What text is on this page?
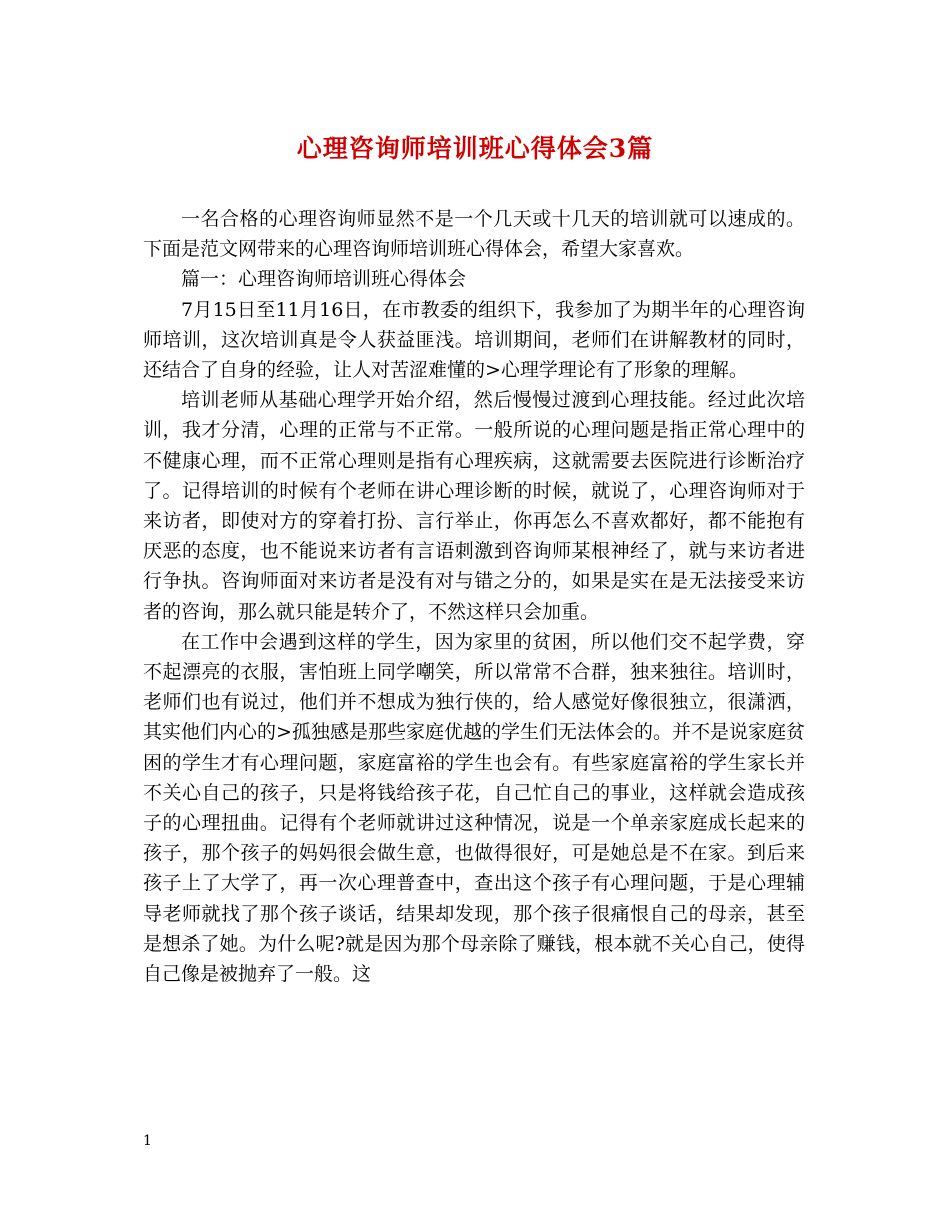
心理咨询师培训班心得体会3篇

一名合格的心理咨询师显然不是一个几天或十几天的培训就可以速成的。下面是范文网带来的心理咨询师培训班心得体会，希望大家喜欢。

篇一：心理咨询师培训班心得体会

7月15日至11月16日，在市教委的组织下，我参加了为期半年的心理咨询师培训，这次培训真是令人获益匪浅。培训期间，老师们在讲解教材的同时，还结合了自身的经验，让人对苦涩难懂的>心理学理论有了形象的理解。

培训老师从基础心理学开始介绍，然后慢慢过渡到心理技能。经过此次培训，我才分清，心理的正常与不正常。一般所说的心理问题是指正常心理中的不健康心理，而不正常心理则是指有心理疾病，这就需要去医院进行诊断治疗了。记得培训的时候有个老师在讲心理诊断的时候，就说了，心理咨询师对于来访者，即使对方的穿着打扮、言行举止，你再怎么不喜欢都好，都不能抱有厌恶的态度，也不能说来访者有言语刺激到咨询师某根神经了，就与来访者进行争执。咨询师面对来访者是没有对与错之分的，如果是实在是无法接受来访者的咨询，那么就只能是转介了，不然这样只会加重。

在工作中会遇到这样的学生，因为家里的贫困，所以他们交不起学费，穿不起漂亮的衣服，害怕班上同学嘲笑，所以常常不合群，独来独往。培训时，老师们也有说过，他们并不想成为独行侠的，给人感觉好像很独立，很潇洒，其实他们内心的>孤独感是那些家庭优越的学生们无法体会的。并不是说家庭贫困的学生才有心理问题，家庭富裕的学生也会有。有些家庭富裕的学生家长并不关心自己的孩子，只是将钱给孩子花，自己忙自己的事业，这样就会造成孩子的心理扭曲。记得有个老师就讲过这种情况，说是一个单亲家庭成长起来的孩子，那个孩子的妈妈很会做生意，也做得很好，可是她总是不在家。到后来孩子上了大学了，再一次心理普查中，查出这个孩子有心理问题，于是心理辅导老师就找了那个孩子谈话，结果却发现，那个孩子很痛恨自己的母亲，甚至是想杀了她。为什么呢?就是因为那个母亲除了赚钱，根本就不关心自己，使得自己像是被抛弃了一般。这

1
